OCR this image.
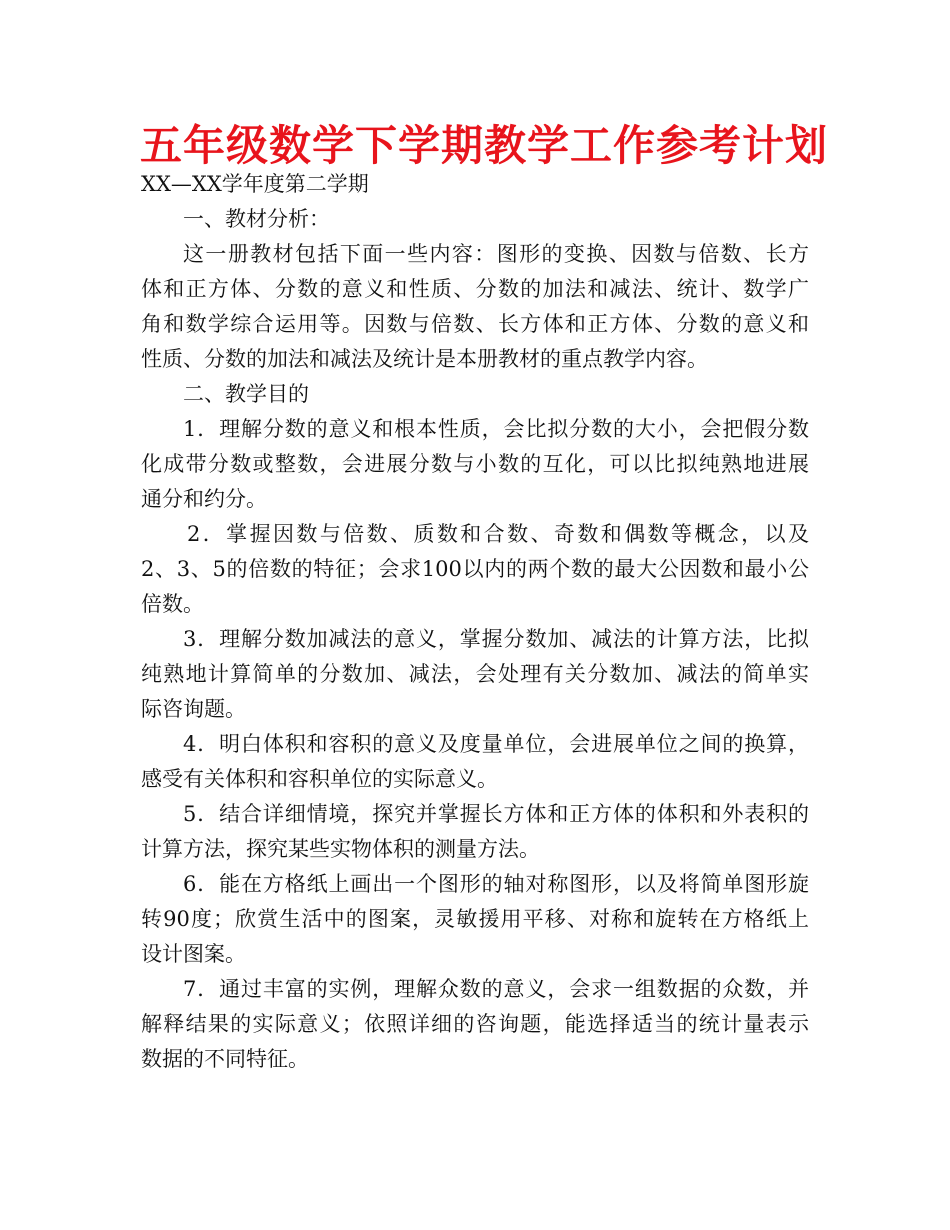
五年级数学下学期教学工作参考计划
XX—XX学年度第二学期
一、教材分析：
这一册教材包括下面一些内容：图形的变换、因数与倍数、长方
体和正方体、分数的意义和性质、分数的加法和减法、统计、数学广
角和数学综合运用等。因数与倍数、长方体和正方体、分数的意义和
性质、分数的加法和减法及统计是本册教材的重点教学内容。
二、教学目的
1．理解分数的意义和根本性质，会比拟分数的大小，会把假分数
化成带分数或整数，会进展分数与小数的互化，可以比拟纯熟地进展
通分和约分。
2．掌握因数与倍数、质数和合数、奇数和偶数等概念，以及
2、3、5的倍数的特征；会求100以内的两个数的最大公因数和最小公
倍数。
3．理解分数加减法的意义，掌握分数加、减法的计算方法，比拟
纯熟地计算简单的分数加、减法，会处理有关分数加、减法的简单实
际咨询题。
4．明白体积和容积的意义及度量单位，会进展单位之间的换算，
感受有关体积和容积单位的实际意义。
5．结合详细情境，探究并掌握长方体和正方体的体积和外表积的
计算方法，探究某些实物体积的测量方法。
6．能在方格纸上画出一个图形的轴对称图形，以及将简单图形旋
转90度；欣赏生活中的图案，灵敏援用平移、对称和旋转在方格纸上
设计图案。
7．通过丰富的实例，理解众数的意义，会求一组数据的众数，并
解释结果的实际意义；依照详细的咨询题，能选择适当的统计量表示
数据的不同特征。
